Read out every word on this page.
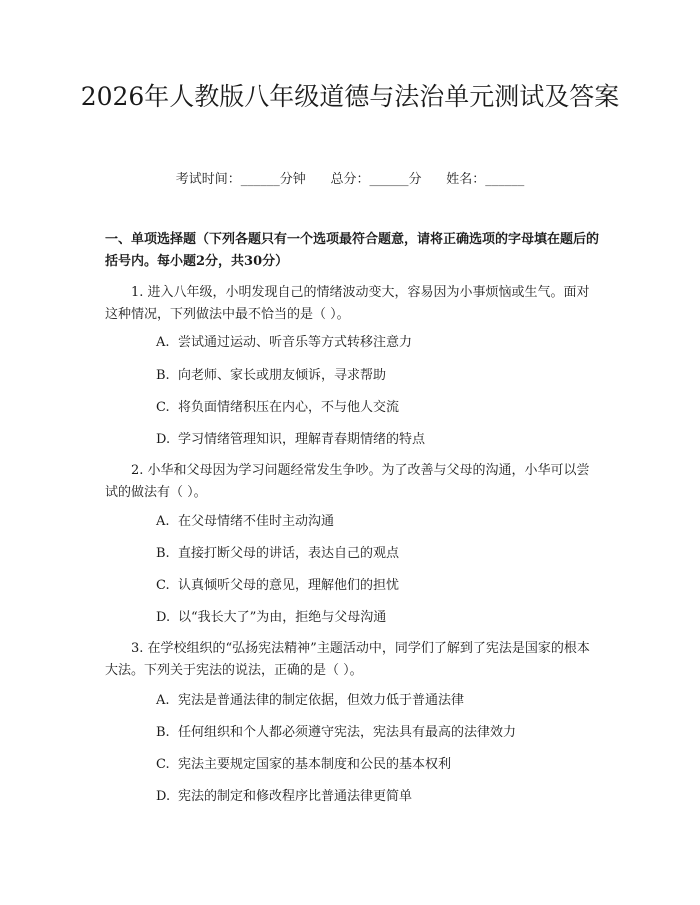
2026年人教版八年级道德与法治单元测试及答案
考试时间：______分钟      总分：______分      姓名：______

一、单项选择题（下列各题只有一个选项最符合题意，请将正确选项的字母填在题后的括号内。每小题2分，共30分）

1. 进入八年级，小明发现自己的情绪波动变大，容易因为小事烦恼或生气。面对这种情况，下列做法中最不恰当的是（ ）。

A. 尝试通过运动、听音乐等方式转移注意力
B. 向老师、家长或朋友倾诉，寻求帮助
C. 将负面情绪积压在内心，不与他人交流
D. 学习情绪管理知识，理解青春期情绪的特点

2. 小华和父母因为学习问题经常发生争吵。为了改善与父母的沟通，小华可以尝试的做法有（ ）。

A. 在父母情绪不佳时主动沟通
B. 直接打断父母的讲话，表达自己的观点
C. 认真倾听父母的意见，理解他们的担忧
D. 以“我长大了”为由，拒绝与父母沟通

3. 在学校组织的“弘扬宪法精神”主题活动中，同学们了解到了宪法是国家的根本大法。下列关于宪法的说法，正确的是（ ）。

A. 宪法是普通法律的制定依据，但效力低于普通法律
B. 任何组织和个人都必须遵守宪法，宪法具有最高的法律效力
C. 宪法主要规定国家的基本制度和公民的基本权利
D. 宪法的制定和修改程序比普通法律更简单
